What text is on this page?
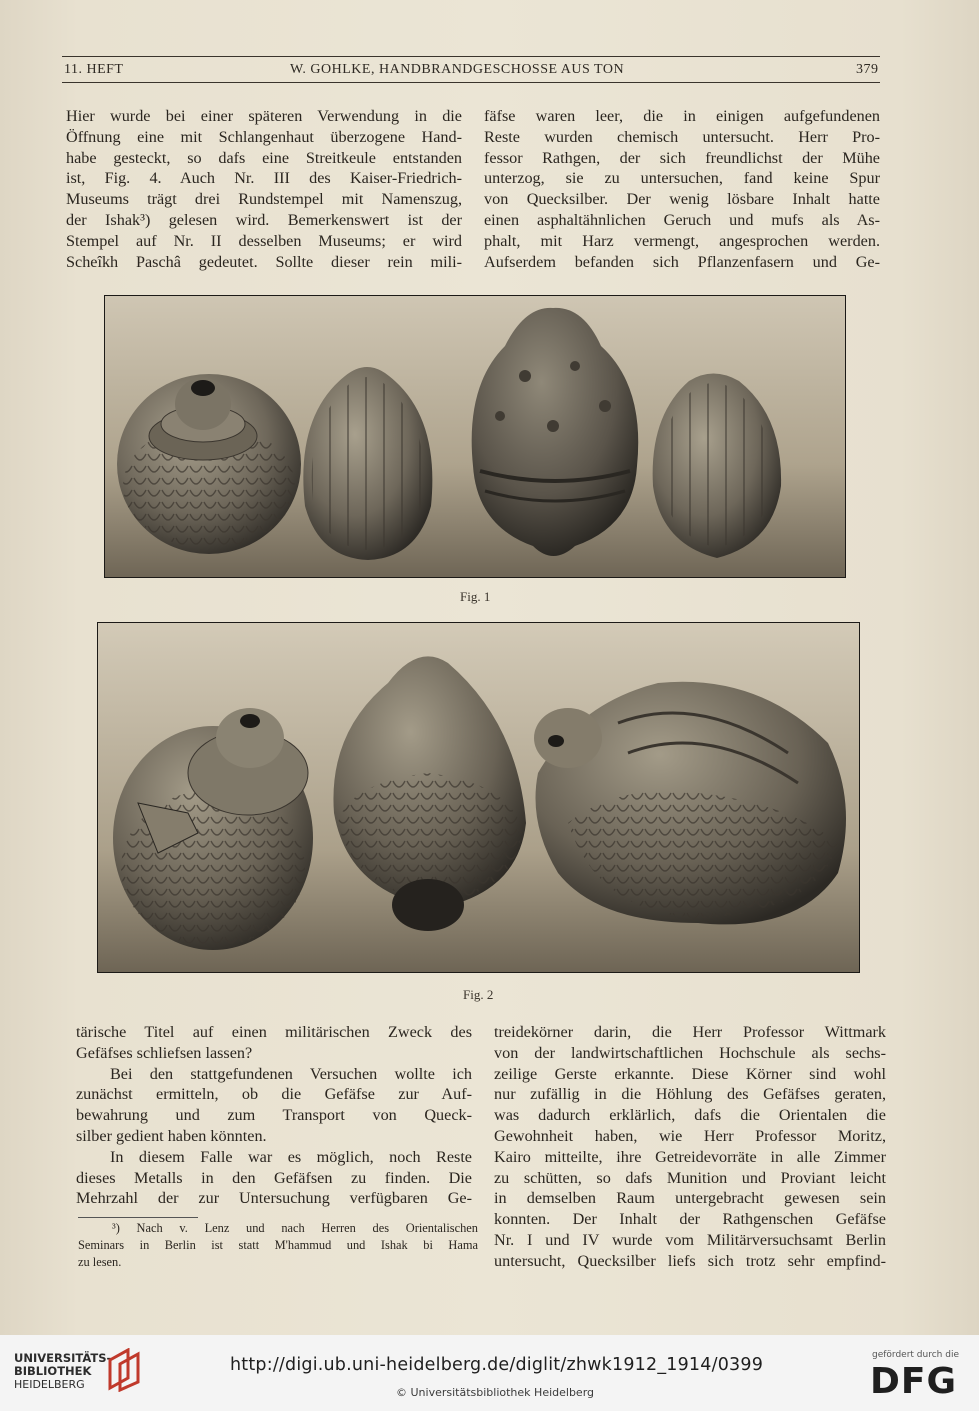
11. HEFT	W. GOHLKE, HANDBRANDGESCHOSSE AUS TON	379
Hier wurde bei einer späteren Verwendung in die
Öffnung eine mit Schlangenhaut überzogene Hand-
habe gesteckt, so dafs eine Streitkeule entstanden
ist, Fig. 4. Auch Nr. III des Kaiser-Friedrich-
Museums trägt drei Rundstempel mit Namenszug,
der Ishak³) gelesen wird. Bemerkenswert ist der
Stempel auf Nr. II desselben Museums; er wird
Scheîkh Paschâ gedeutet. Sollte dieser rein mili-
fäfse waren leer, die in einigen aufgefundenen
Reste wurden chemisch untersucht. Herr Pro-
fessor Rathgen, der sich freundlichst der Mühe
unterzog, sie zu untersuchen, fand keine Spur
von Quecksilber. Der wenig lösbare Inhalt hatte
einen asphaltähnlichen Geruch und mufs als As-
phalt, mit Harz vermengt, angesprochen werden.
Aufserdem befanden sich Pflanzenfasern und Ge-
Fig. 1
Fig. 2
tärische Titel auf einen militärischen Zweck des
Gefäfses schliefsen lassen?
Bei den stattgefundenen Versuchen wollte ich
zunächst ermitteln, ob die Gefäfse zur Auf-
bewahrung und zum Transport von Queck-
silber gedient haben könnten.
In diesem Falle war es möglich, noch Reste
dieses Metalls in den Gefäfsen zu finden. Die
Mehrzahl der zur Untersuchung verfügbaren Ge-
³) Nach v. Lenz und nach Herren des Orientalischen
Seminars in Berlin ist statt M'hammud und Ishak bi Hama
zu lesen.
treidekörner darin, die Herr Professor Wittmark
von der landwirtschaftlichen Hochschule als sechs-
zeilige Gerste erkannte. Diese Körner sind wohl
nur zufällig in die Höhlung des Gefäfses geraten,
was dadurch erklärlich, dafs die Orientalen die
Gewohnheit haben, wie Herr Professor Moritz,
Kairo mitteilte, ihre Getreidevorräte in alle Zimmer
zu schütten, so dafs Munition und Proviant leicht
in demselben Raum untergebracht gewesen sein
konnten. Der Inhalt der Rathgenschen Gefäfse
Nr. I und IV wurde vom Militärversuchsamt Berlin
untersucht, Quecksilber liefs sich trotz sehr empfind-
UNIVERSITÄTS-
BIBLIOTHEK
HEIDELBERG
http://digi.ub.uni-heidelberg.de/diglit/zhwk1912_1914/0399
© Universitätsbibliothek Heidelberg
gefördert durch die
DFG
